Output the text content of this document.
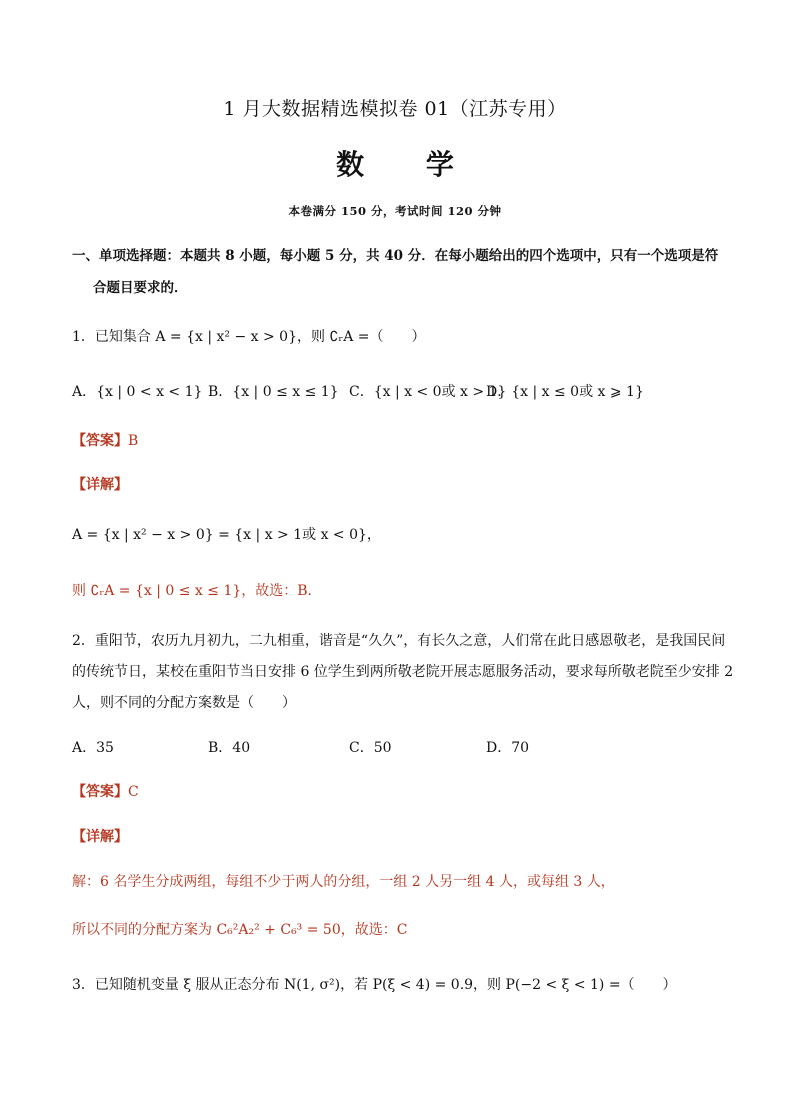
1 月大数据精选模拟卷 01（江苏专用）
数 学
本卷满分 150 分，考试时间 120 分钟
一、单项选择题：本题共 8 小题，每小题 5 分，共 40 分．在每小题给出的四个选项中，只有一个选项是符
合题目要求的．
1．已知集合 A = {x | x² − x > 0}，则 ∁ᵣA =（　　）
A．{x | 0 < x < 1} B．{x | 0 ≤ x ≤ 1} C．{x | x < 0或 x > 1}
D．{x | x ≤ 0或 x ⩾ 1}
【答案】B
【详解】
A = {x | x² − x > 0} = {x | x > 1或 x < 0}，
则 ∁ᵣA = {x | 0 ≤ x ≤ 1}，故选：B.
2．重阳节，农历九月初九，二九相重，谐音是“久久”，有长久之意，人们常在此日感恩敬老，是我国民间
的传统节日，某校在重阳节当日安排 6 位学生到两所敬老院开展志愿服务活动，要求每所敬老院至少安排 2
人，则不同的分配方案数是（　　）
A．35	B．40	C．50	D．70
【答案】C
【详解】
解：6 名学生分成两组，每组不少于两人的分组，一组 2 人另一组 4 人，或每组 3 人，
所以不同的分配方案为 C₆²A₂² + C₆³ = 50，故选：C
3．已知随机变量 ξ 服从正态分布 N(1, σ²)，若 P(ξ < 4) = 0.9，则 P(−2 < ξ < 1) =（　　）
